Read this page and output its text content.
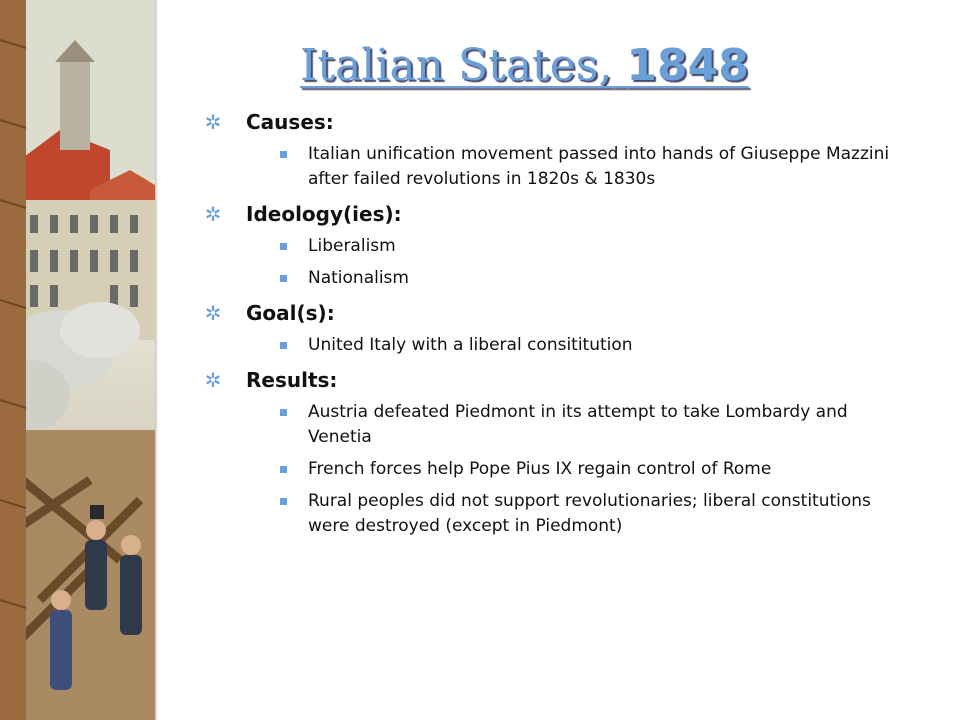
Italian States, 1848
✲ Causes:
Italian unification movement passed into hands of Giuseppe Mazzini after failed revolutions in 1820s & 1830s
✲ Ideology(ies):
Liberalism
Nationalism
✲ Goal(s):
United Italy with a liberal consititution
✲ Results:
Austria defeated Piedmont in its attempt to take Lombardy and Venetia
French forces help Pope Pius IX regain control of Rome
Rural peoples did not support revolutionaries; liberal constitutions were destroyed (except in Piedmont)
